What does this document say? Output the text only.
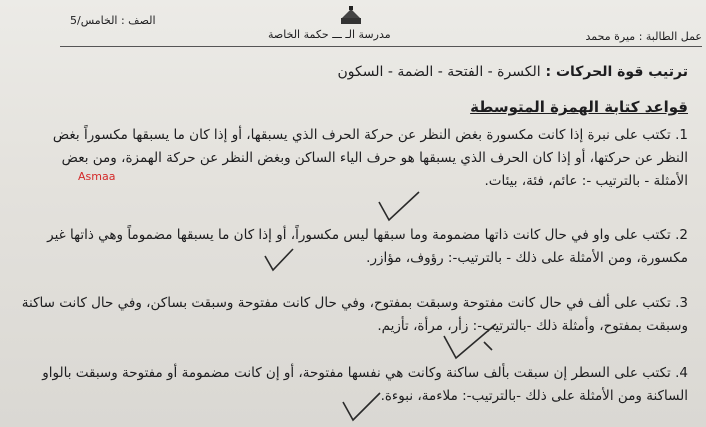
الصف : الخامس/5
مدرسة الـ ـــ حكمة الخاصة	عمل الطالبة : ميرة محمد
ترتيب قوة الحركات : الكسرة - الفتحة - الضمة - السكون
قواعد كتابة الهمزة المتوسطة
1. تكتب على نبرة إذا كانت مكسورة بغض النظر عن حركة الحرف الذي يسبقها، أو إذا كان ما يسبقها مكسوراً بغض
النظر عن حركتها، أو إذا كان الحرف الذي يسبقها هو حرف الياء الساكن وبغض النظر عن حركة الهمزة، ومن بعض
الأمثلة - بالترتيب -: عائم، فئة، بيئات.
Asmaa
2. تكتب على واو في حال كانت ذاتها مضمومة وما سبقها ليس مكسوراً، أو إذا كان ما يسبقها مضموماً وهي ذاتها غير
مكسورة، ومن الأمثلة على ذلك - بالترتيب-: رؤوف، مؤازر.
3. تكتب على ألف في حال كانت مفتوحة وسبقت بمفتوح، وفي حال كانت مفتوحة وسبقت بساكن، وفي حال كانت ساكنة
وسبقت بمفتوح، وأمثلة ذلك -بالترتيب-: زأر، مرأة، تأزيم.
4. تكتب على السطر إن سبقت بألف ساكنة وكانت هي نفسها مفتوحة، أو إن كانت مضمومة أو مفتوحة وسبقت بالواو
الساكنة ومن الأمثلة على ذلك -بالترتيب-: ملاءمة، نبوءة.
